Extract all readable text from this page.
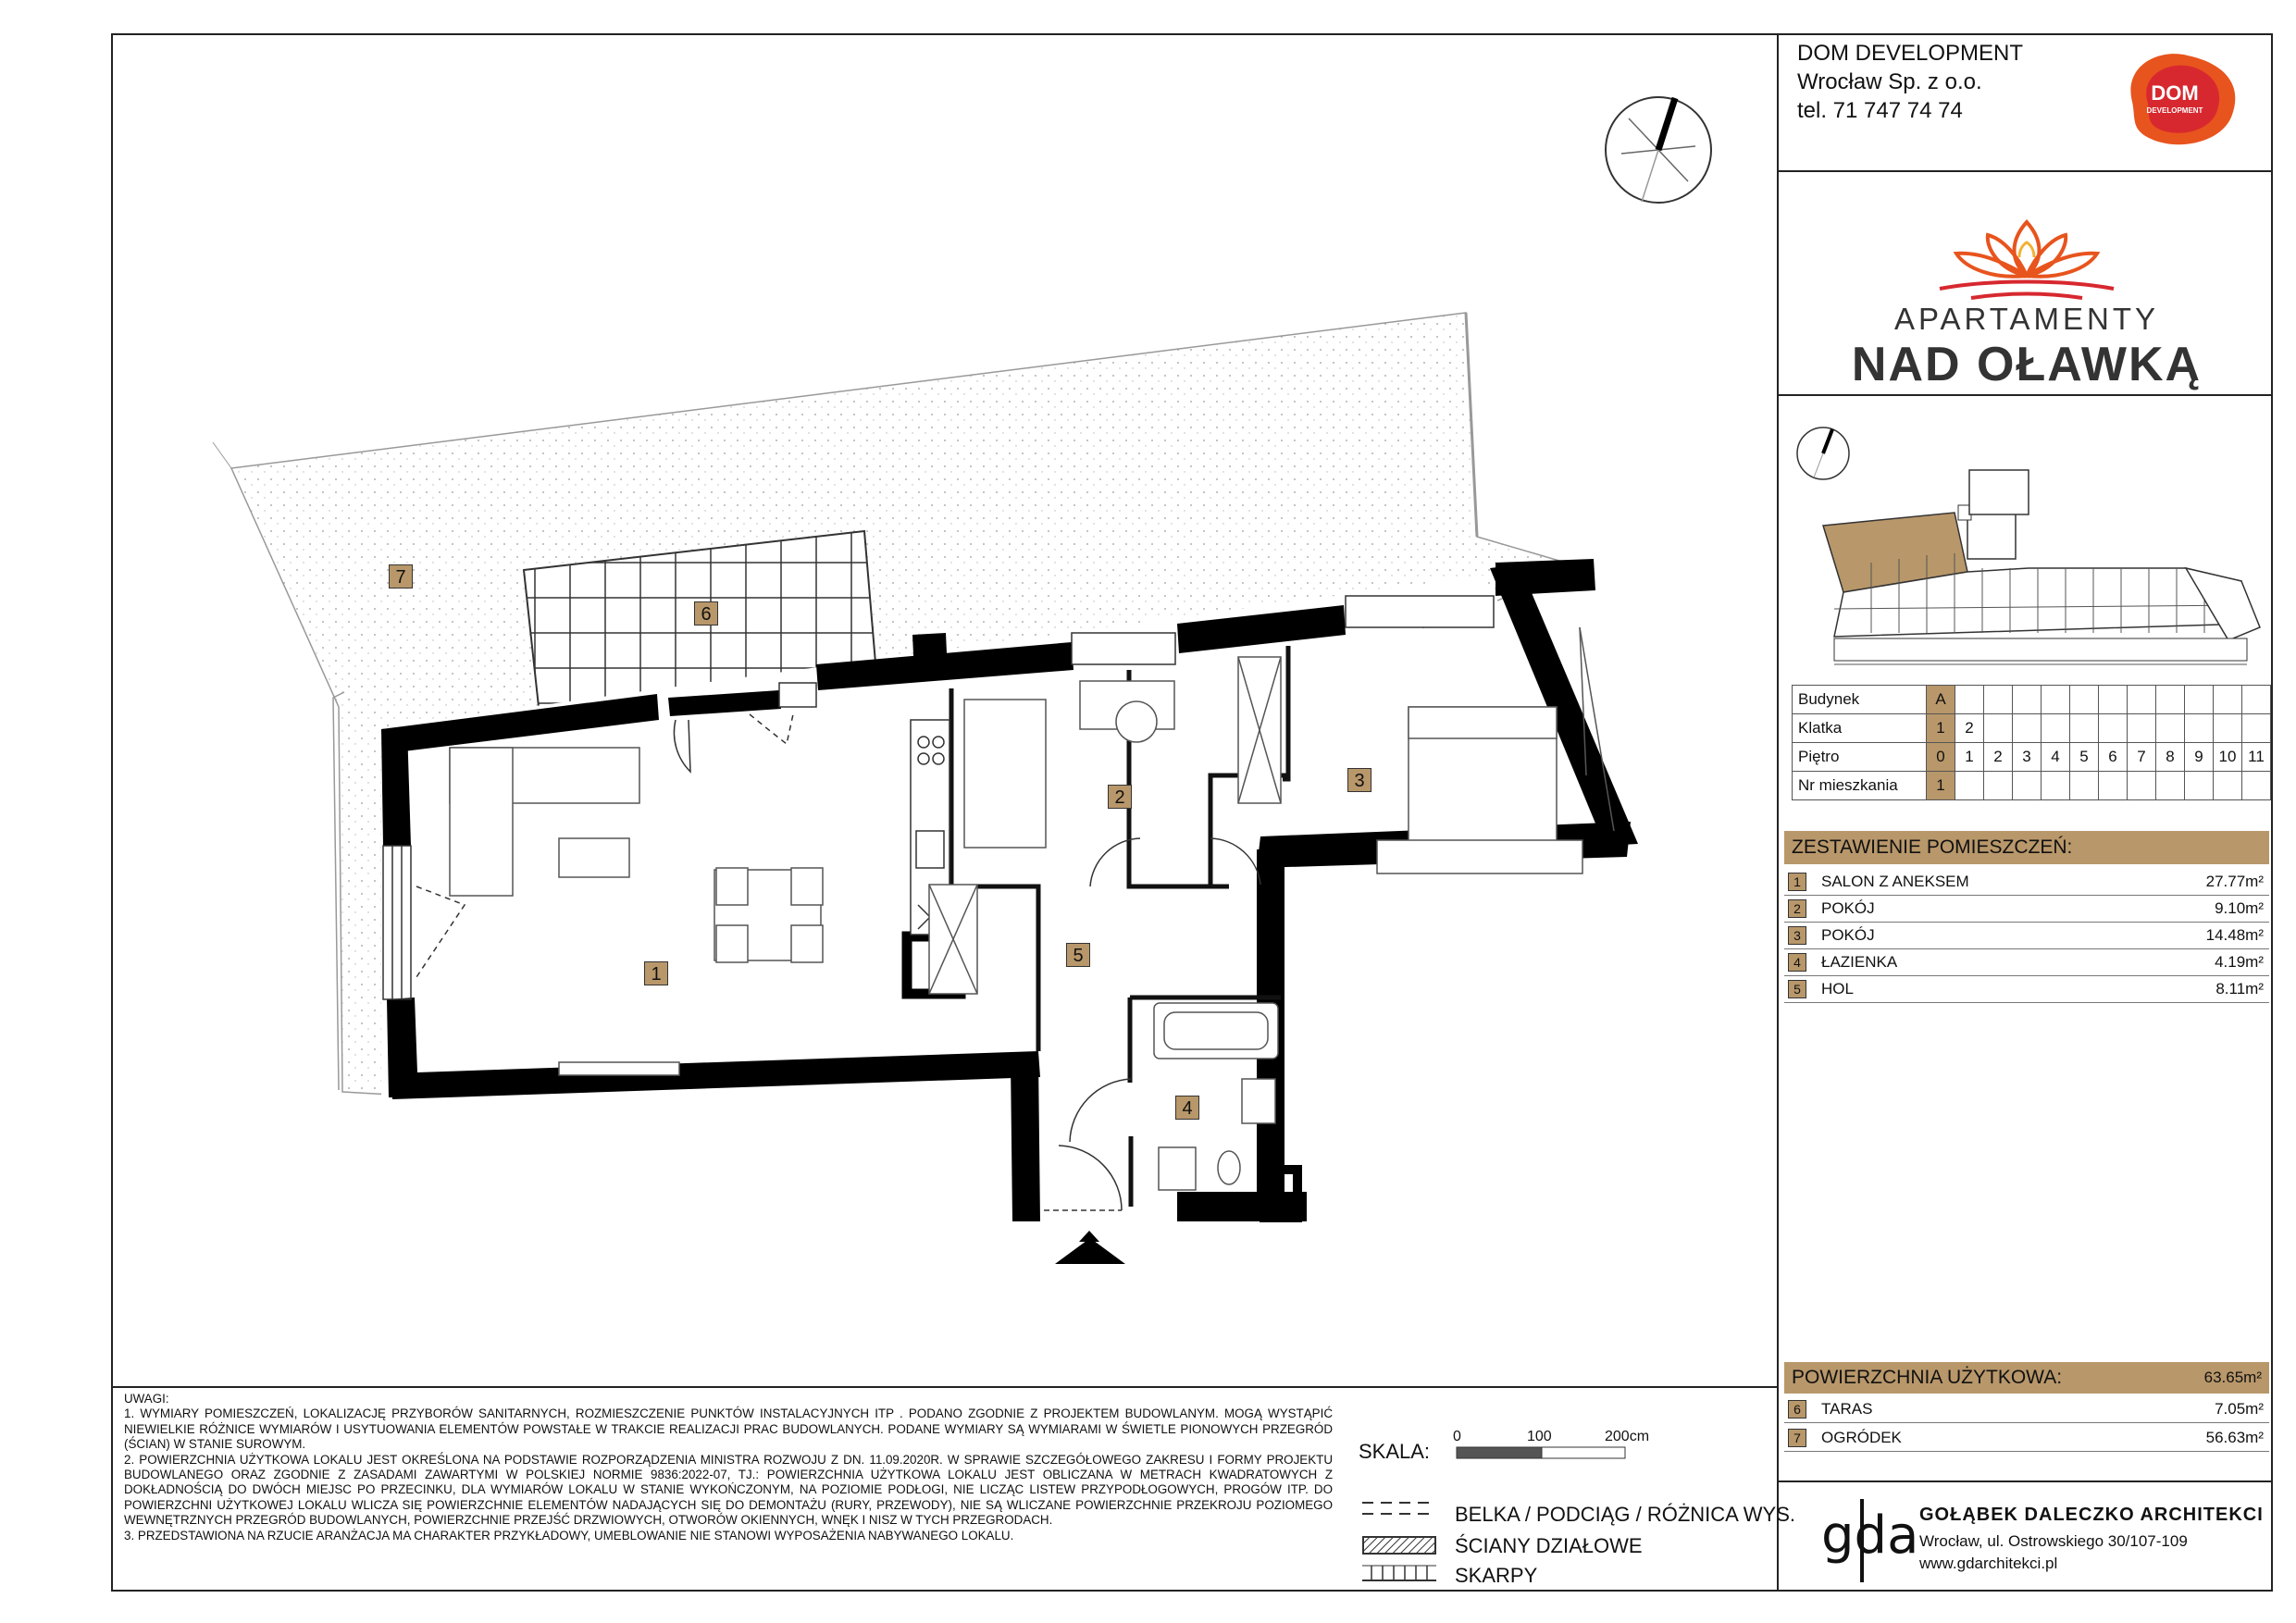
7
6
2
3
1
5
4
DOM DEVELOPMENT
Wrocław Sp. z o.o.
tel. 71 747 74 74
DOM
DEVELOPMENT
APARTAMENTY
NAD OŁAWKĄ
Budynek	A											
Klatka	1	2										
Piętro	0	1	2	3	4	5	6	7	8	9	10	11
Nr mieszkania	1											
ZESTAWIENIE POMIESZCZEŃ:
1	SALON Z ANEKSEM	27.77m²
2	POKÓJ	9.10m²
3	POKÓJ	14.48m²
4	ŁAZIENKA	4.19m²
5	HOL	8.11m²
POWIERZCHNIA UŻYTKOWA:	63.65m²
6	TARAS	7.05m²
7	OGRÓDEK	56.63m²
gda GOŁĄBEK DALECZKO ARCHITEKCI
Wrocław, ul. Ostrowskiego 30/107-109
www.gdarchitekci.pl

UWAGI:

1. WYMIARY POMIESZCZEŃ, LOKALIZACJĘ PRZYBORÓW SANITARNYCH, ROZMIESZCZENIE PUNKTÓW INSTALACYJNYCH ITP . PODANO ZGODNIE Z PROJEKTEM BUDOWLANYM. MOGĄ WYSTĄPIĆ NIEWIELKIE RÓŻNICE WYMIARÓW I USYTUOWANIA ELEMENTÓW POWSTAŁE W TRAKCIE REALIZACJI PRAC BUDOWLANYCH. PODANE WYMIARY SĄ WYMIARAMI W ŚWIETLE PIONOWYCH PRZEGRÓD (ŚCIAN) W STANIE SUROWYM.

2. POWIERZCHNIA UŻYTKOWA LOKALU JEST OKREŚLONA NA PODSTAWIE ROZPORZĄDZENIA MINISTRA ROZWOJU Z DN. 11.09.2020R. W SPRAWIE SZCZEGÓŁOWEGO ZAKRESU I FORMY PROJEKTU BUDOWLANEGO ORAZ ZGODNIE Z ZASADAMI ZAWARTYMI W POLSKIEJ NORMIE 9836:2022-07, TJ.: POWIERZCHNIA UŻYTKOWA LOKALU JEST OBLICZANA W METRACH KWADRATOWYCH Z DOKŁADNOŚCIĄ DO DWÓCH MIEJSC PO PRZECINKU, DLA WYMIARÓW LOKALU W STANIE WYKOŃCZONYM, NA POZIOMIE PODŁOGI, NIE LICZĄC LISTEW PRZYPODŁOGOWYCH, PROGÓW ITP. DO POWIERZCHNI UŻYTKOWEJ LOKALU WLICZA SIĘ POWIERZCHNIE ELEMENTÓW NADAJĄCYCH SIĘ DO DEMONTAŻU (RURY, PRZEWODY), NIE SĄ WLICZANE POWIERZCHNIE PRZEKROJU POZIOMEGO WEWNĘTRZNYCH PRZEGRÓD BUDOWLANYCH, POWIERZCHNIE PRZEJŚĆ DRZWIOWYCH, OTWORÓW OKIENNYCH, WNĘK I NISZ W TYCH PRZEGRODACH.

3. PRZEDSTAWIONA NA RZUCIE ARANŻACJA MA CHARAKTER PRZYKŁADOWY, UMEBLOWANIE NIE STANOWI WYPOSAŻENIA NABYWANEGO LOKALU.

SKALA:
0	100	200cm
BELKA / PODCIĄG / RÓŻNICA WYS.
ŚCIANY DZIAŁOWE
SKARPY
